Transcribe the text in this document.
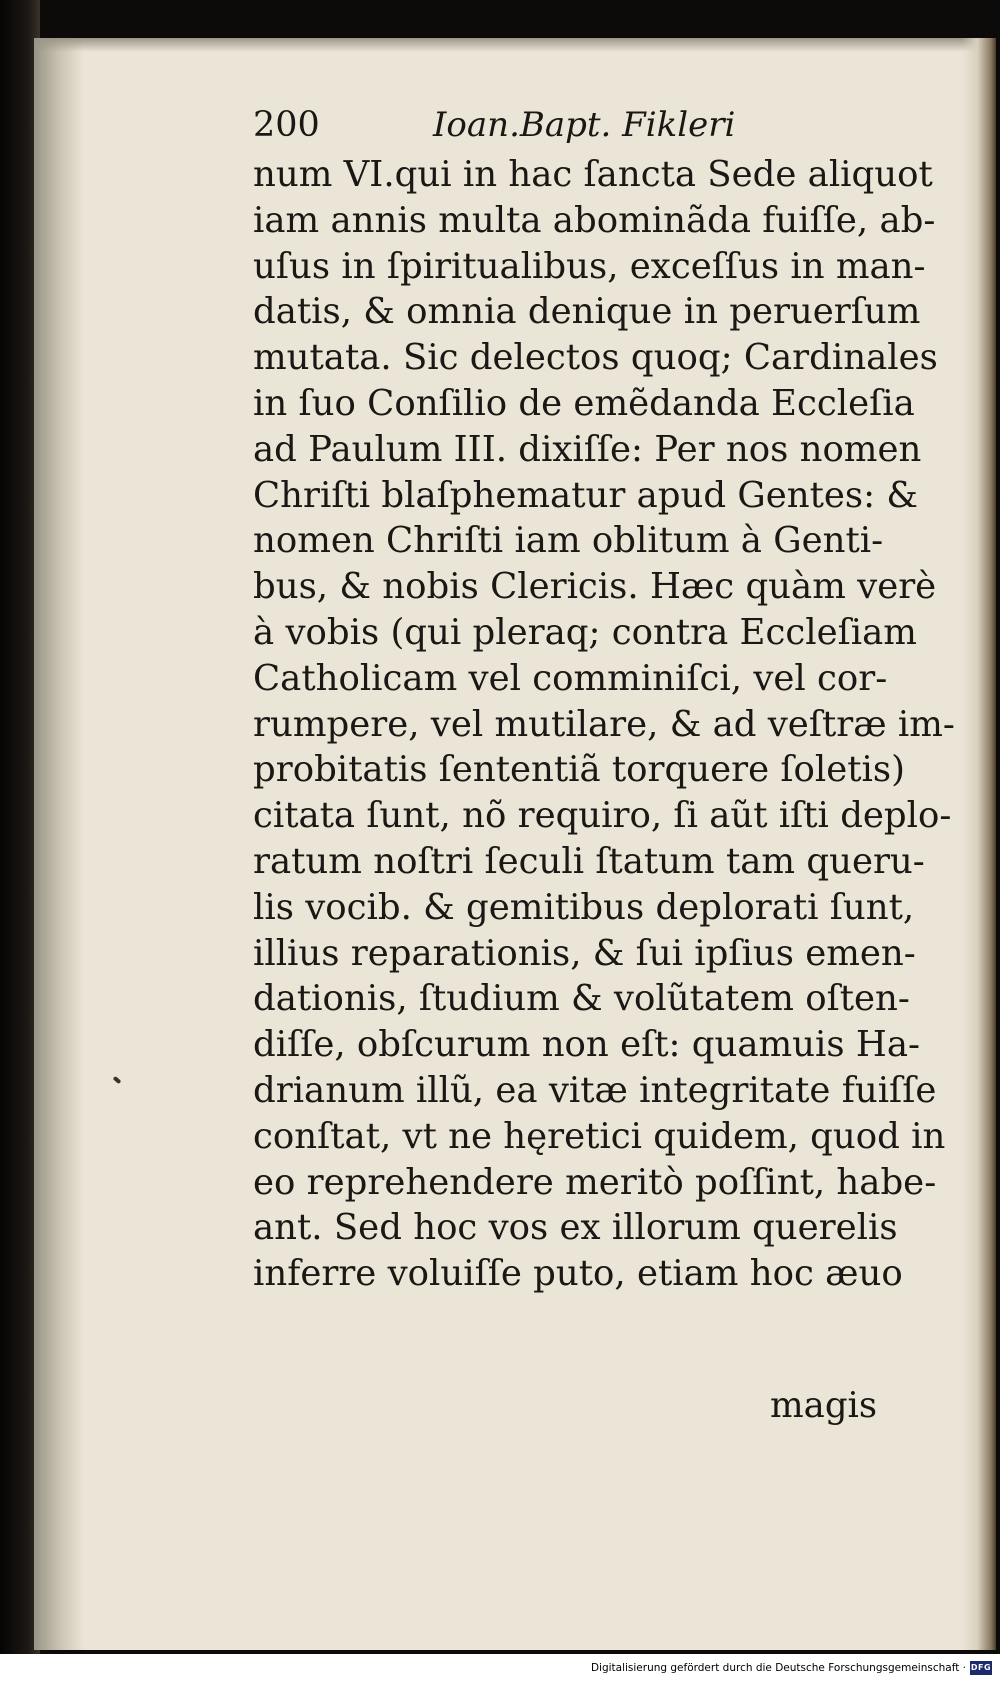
200	Ioan.Bapt. Fikleri
num VI.qui in hac ſancta Sede aliquot
iam annis multa abominãda fuiſſe, ab-
uſus in ſpiritualibus, exceſſus in man-
datis, & omnia denique in peruerſum
mutata. Sic delectos quoq; Cardinales
in ſuo Conſilio de emẽdanda Eccleſia
ad Paulum III. dixiſſe: Per nos nomen
Chriſti blaſphematur apud Gentes: &
nomen Chriſti iam oblitum à Genti-
bus, & nobis Clericis. Hæc quàm verè
à vobis (qui pleraq; contra Eccleſiam
Catholicam vel comminiſci, vel cor-
rumpere, vel mutilare, & ad veſtræ im-
probitatis ſententiã torquere ſoletis)
citata ſunt, nõ requiro, ſi aũt iſti deplo-
ratum noſtri ſeculi ſtatum tam queru-
lis vocib. & gemitibus deplorati ſunt,
illius reparationis, & ſui ipſius emen-
dationis, ſtudium & volũtatem oſten-
diſſe, obſcurum non eſt: quamuis Ha-
drianum illũ, ea vitæ integritate fuiſſe
conſtat, vt ne hęretici quidem, quod in
eo reprehendere meritò poſſint, habe-
ant. Sed hoc vos ex illorum querelis
inferre voluiſſe puto, etiam hoc æuo
magis
Digitalisierung gefördert durch die Deutsche Forschungsgemeinschaft · DFG
